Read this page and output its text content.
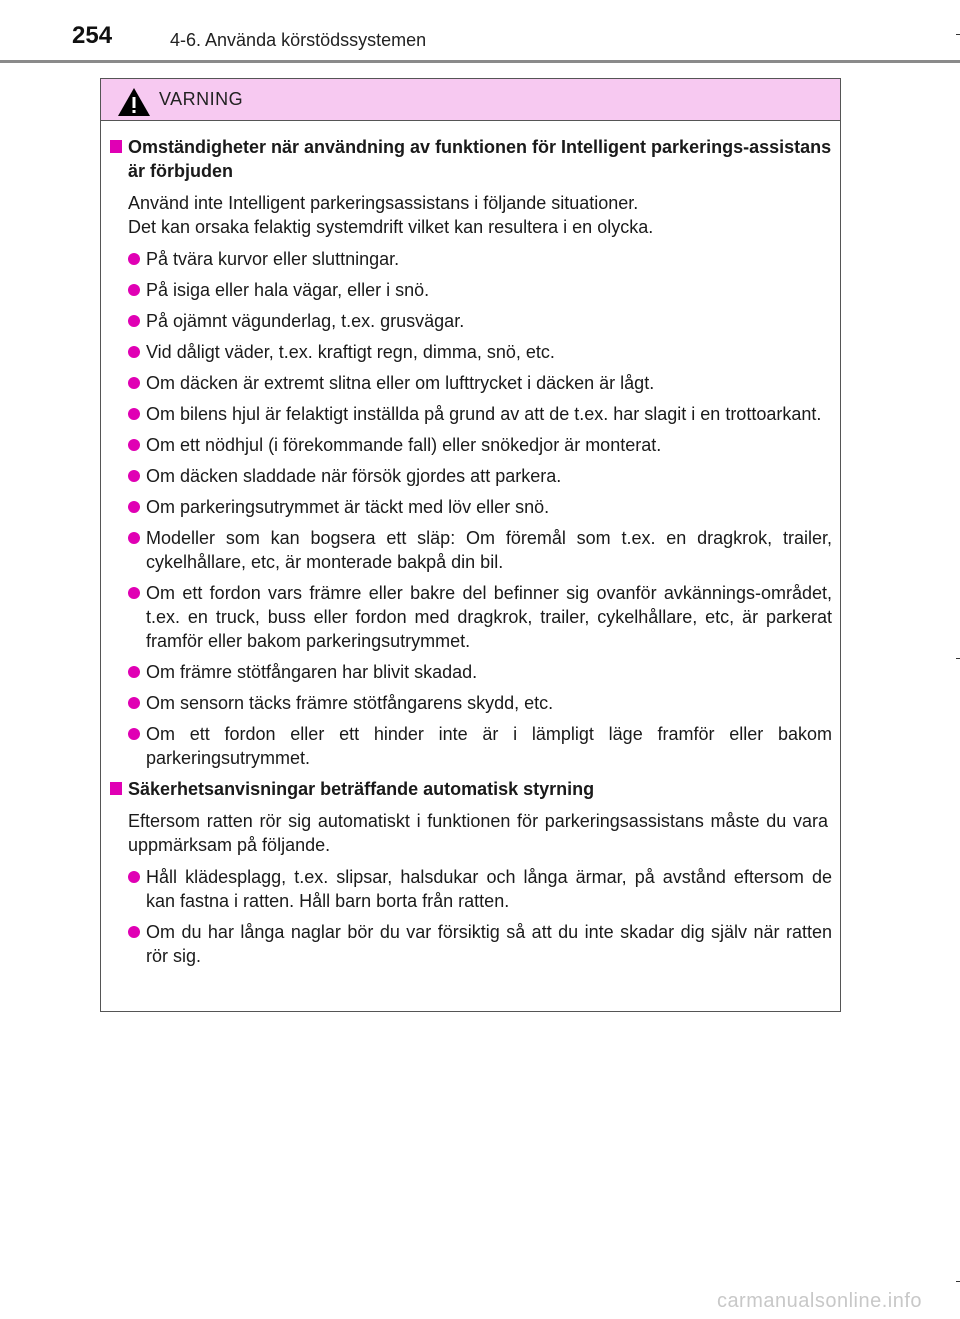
254	4-6. Använda körstödssystemen
VARNING
Omständigheter när användning av funktionen för Intelligent parkerings-assistans är förbjuden
Använd inte Intelligent parkeringsassistans i följande situationer.
Det kan orsaka felaktig systemdrift vilket kan resultera i en olycka.
På tvära kurvor eller sluttningar.
På isiga eller hala vägar, eller i snö.
På ojämnt vägunderlag, t.ex. grusvägar.
Vid dåligt väder, t.ex. kraftigt regn, dimma, snö, etc.
Om däcken är extremt slitna eller om lufttrycket i däcken är lågt.
Om bilens hjul är felaktigt inställda på grund av att de t.ex. har slagit i en trottoarkant.
Om ett nödhjul (i förekommande fall) eller snökedjor är monterat.
Om däcken sladdade när försök gjordes att parkera.
Om parkeringsutrymmet är täckt med löv eller snö.
Modeller som kan bogsera ett släp: Om föremål som t.ex. en dragkrok, trailer, cykelhållare, etc, är monterade bakpå din bil.
Om ett fordon vars främre eller bakre del befinner sig ovanför avkännings-området, t.ex. en truck, buss eller fordon med dragkrok, trailer, cykelhållare, etc, är parkerat framför eller bakom parkeringsutrymmet.
Om främre stötfångaren har blivit skadad.
Om sensorn täcks främre stötfångarens skydd, etc.
Om ett fordon eller ett hinder inte är i lämpligt läge framför eller bakom parkeringsutrymmet.
Säkerhetsanvisningar beträffande automatisk styrning
Eftersom ratten rör sig automatiskt i funktionen för parkeringsassistans måste du vara uppmärksam på följande.
Håll klädesplagg, t.ex. slipsar, halsdukar och långa ärmar, på avstånd eftersom de kan fastna i ratten. Håll barn borta från ratten.
Om du har långa naglar bör du var försiktig så att du inte skadar dig själv när ratten rör sig.
carmanualsonline.info
